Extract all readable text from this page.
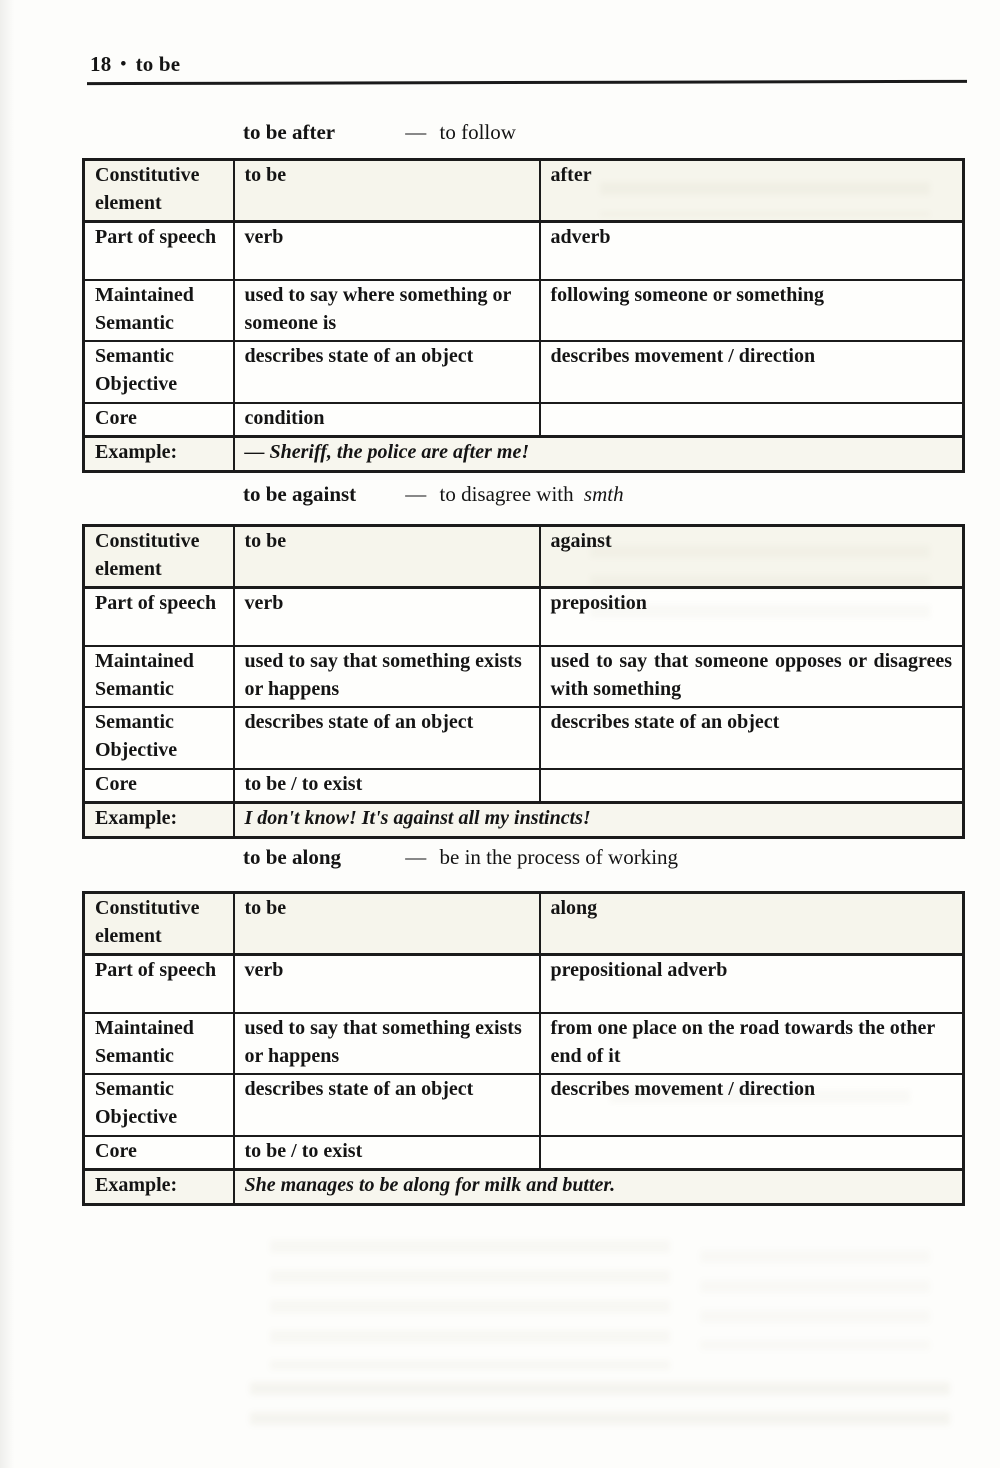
18 • to be
to be after	— to follow
Constitutive element	to be	after
Part of speech	verb	adverb
Maintained Semantic	used to say where something or someone is	following someone or something
Semantic Objective	describes state of an object	describes movement / direction
Core	condition	
Example:	— Sheriff, the police are after me!	
to be against — to disagree with smth
Constitutive element	to be	against
Part of speech	verb	preposition
Maintained Semantic	used to say that something exists or happens	used to say that someone opposes or disagrees with something
Semantic Objective	describes state of an object	describes state of an object
Core	to be / to exist	
Example:	I don't know! It's against all my instincts!	
to be along	— be in the process of working
Constitutive element	to be	along
Part of speech	verb	prepositional adverb
Maintained Semantic	used to say that something exists or happens	from one place on the road towards the other end of it
Semantic Objective	describes state of an object	describes movement / direction
Core	to be / to exist	
Example:	She manages to be along for milk and butter.	
